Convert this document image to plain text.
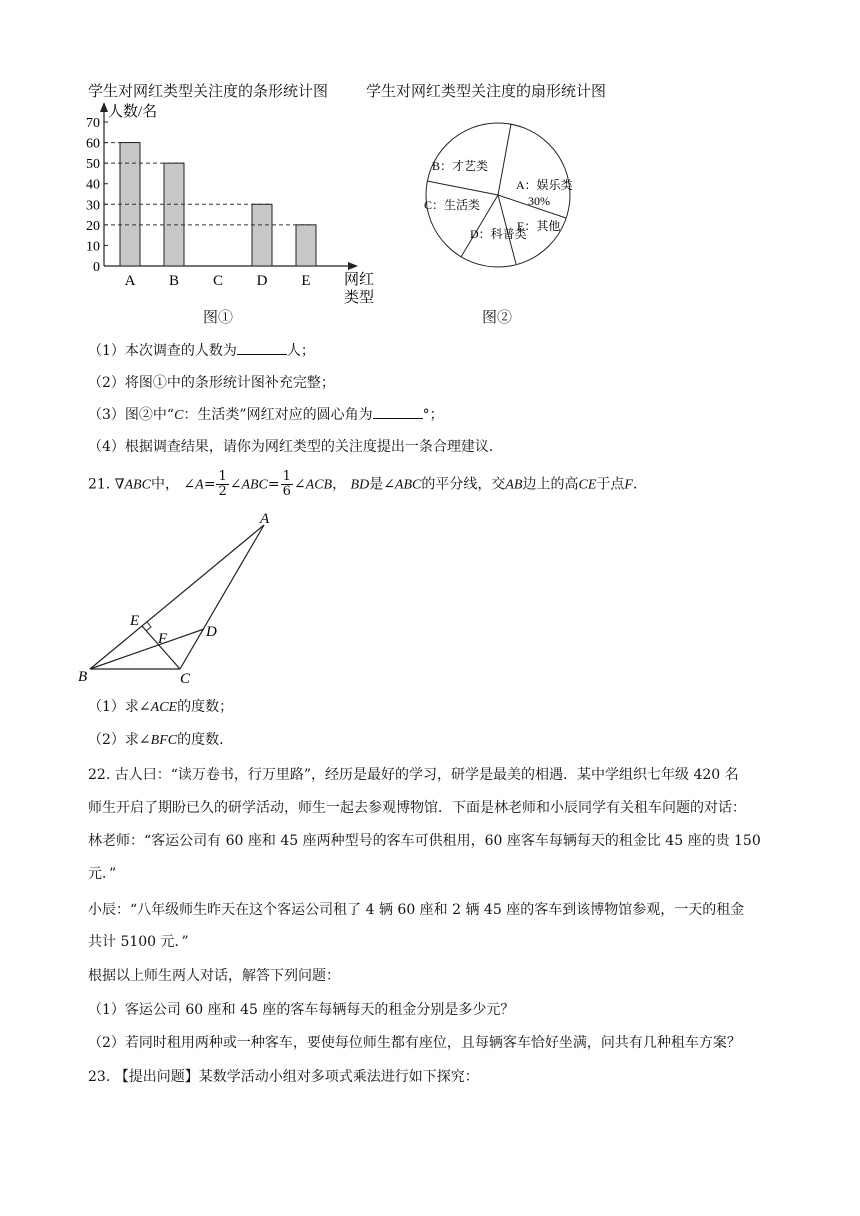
学生对网红类型关注度的条形统计图	学生对网红类型关注度的扇形统计图
0
10
20
30
40
50
60
70
人数/名
网红
类型
A B C D E
图①
B：才艺类
A：娱乐类
30%
C：生活类
E：其他
D：科普类
图②
（1）本次调查的人数为	人；
（2）将图①中的条形统计图补充完整；
（3）图②中“C：生活类”网红对应的圆心角为	°；
（4）根据调查结果，请你为网红类型的关注度提出一条合理建议．
21. ∇ABC中， ∠A= $\frac{1}{2}$ ∠ABC= $\frac{1}{6}$ ∠ACB， BD是∠ABC的平分线，交AB边上的高CE于点F．
A
B	C
D
E
F
（1）求∠ACE的度数；
（2）求∠BFC的度数．
22. 古人曰：“读万卷书，行万里路”，经历是最好的学习，研学是最美的相遇．某中学组织七年级 420 名
师生开启了期盼已久的研学活动，师生一起去参观博物馆．下面是林老师和小辰同学有关租车问题的对话：
林老师：“客运公司有 60 座和 45 座两种型号的客车可供租用，60 座客车每辆每天的租金比 45 座的贵 150
元．”
小辰：“八年级师生昨天在这个客运公司租了 4 辆 60 座和 2 辆 45 座的客车到该博物馆参观，一天的租金
共计 5100 元．”
根据以上师生两人对话，解答下列问题：
（1）客运公司 60 座和 45 座的客车每辆每天的租金分别是多少元？
（2）若同时租用两种或一种客车，要使每位师生都有座位，且每辆客车恰好坐满，问共有几种租车方案？
23. 【提出问题】某数学活动小组对多项式乘法进行如下探究：
